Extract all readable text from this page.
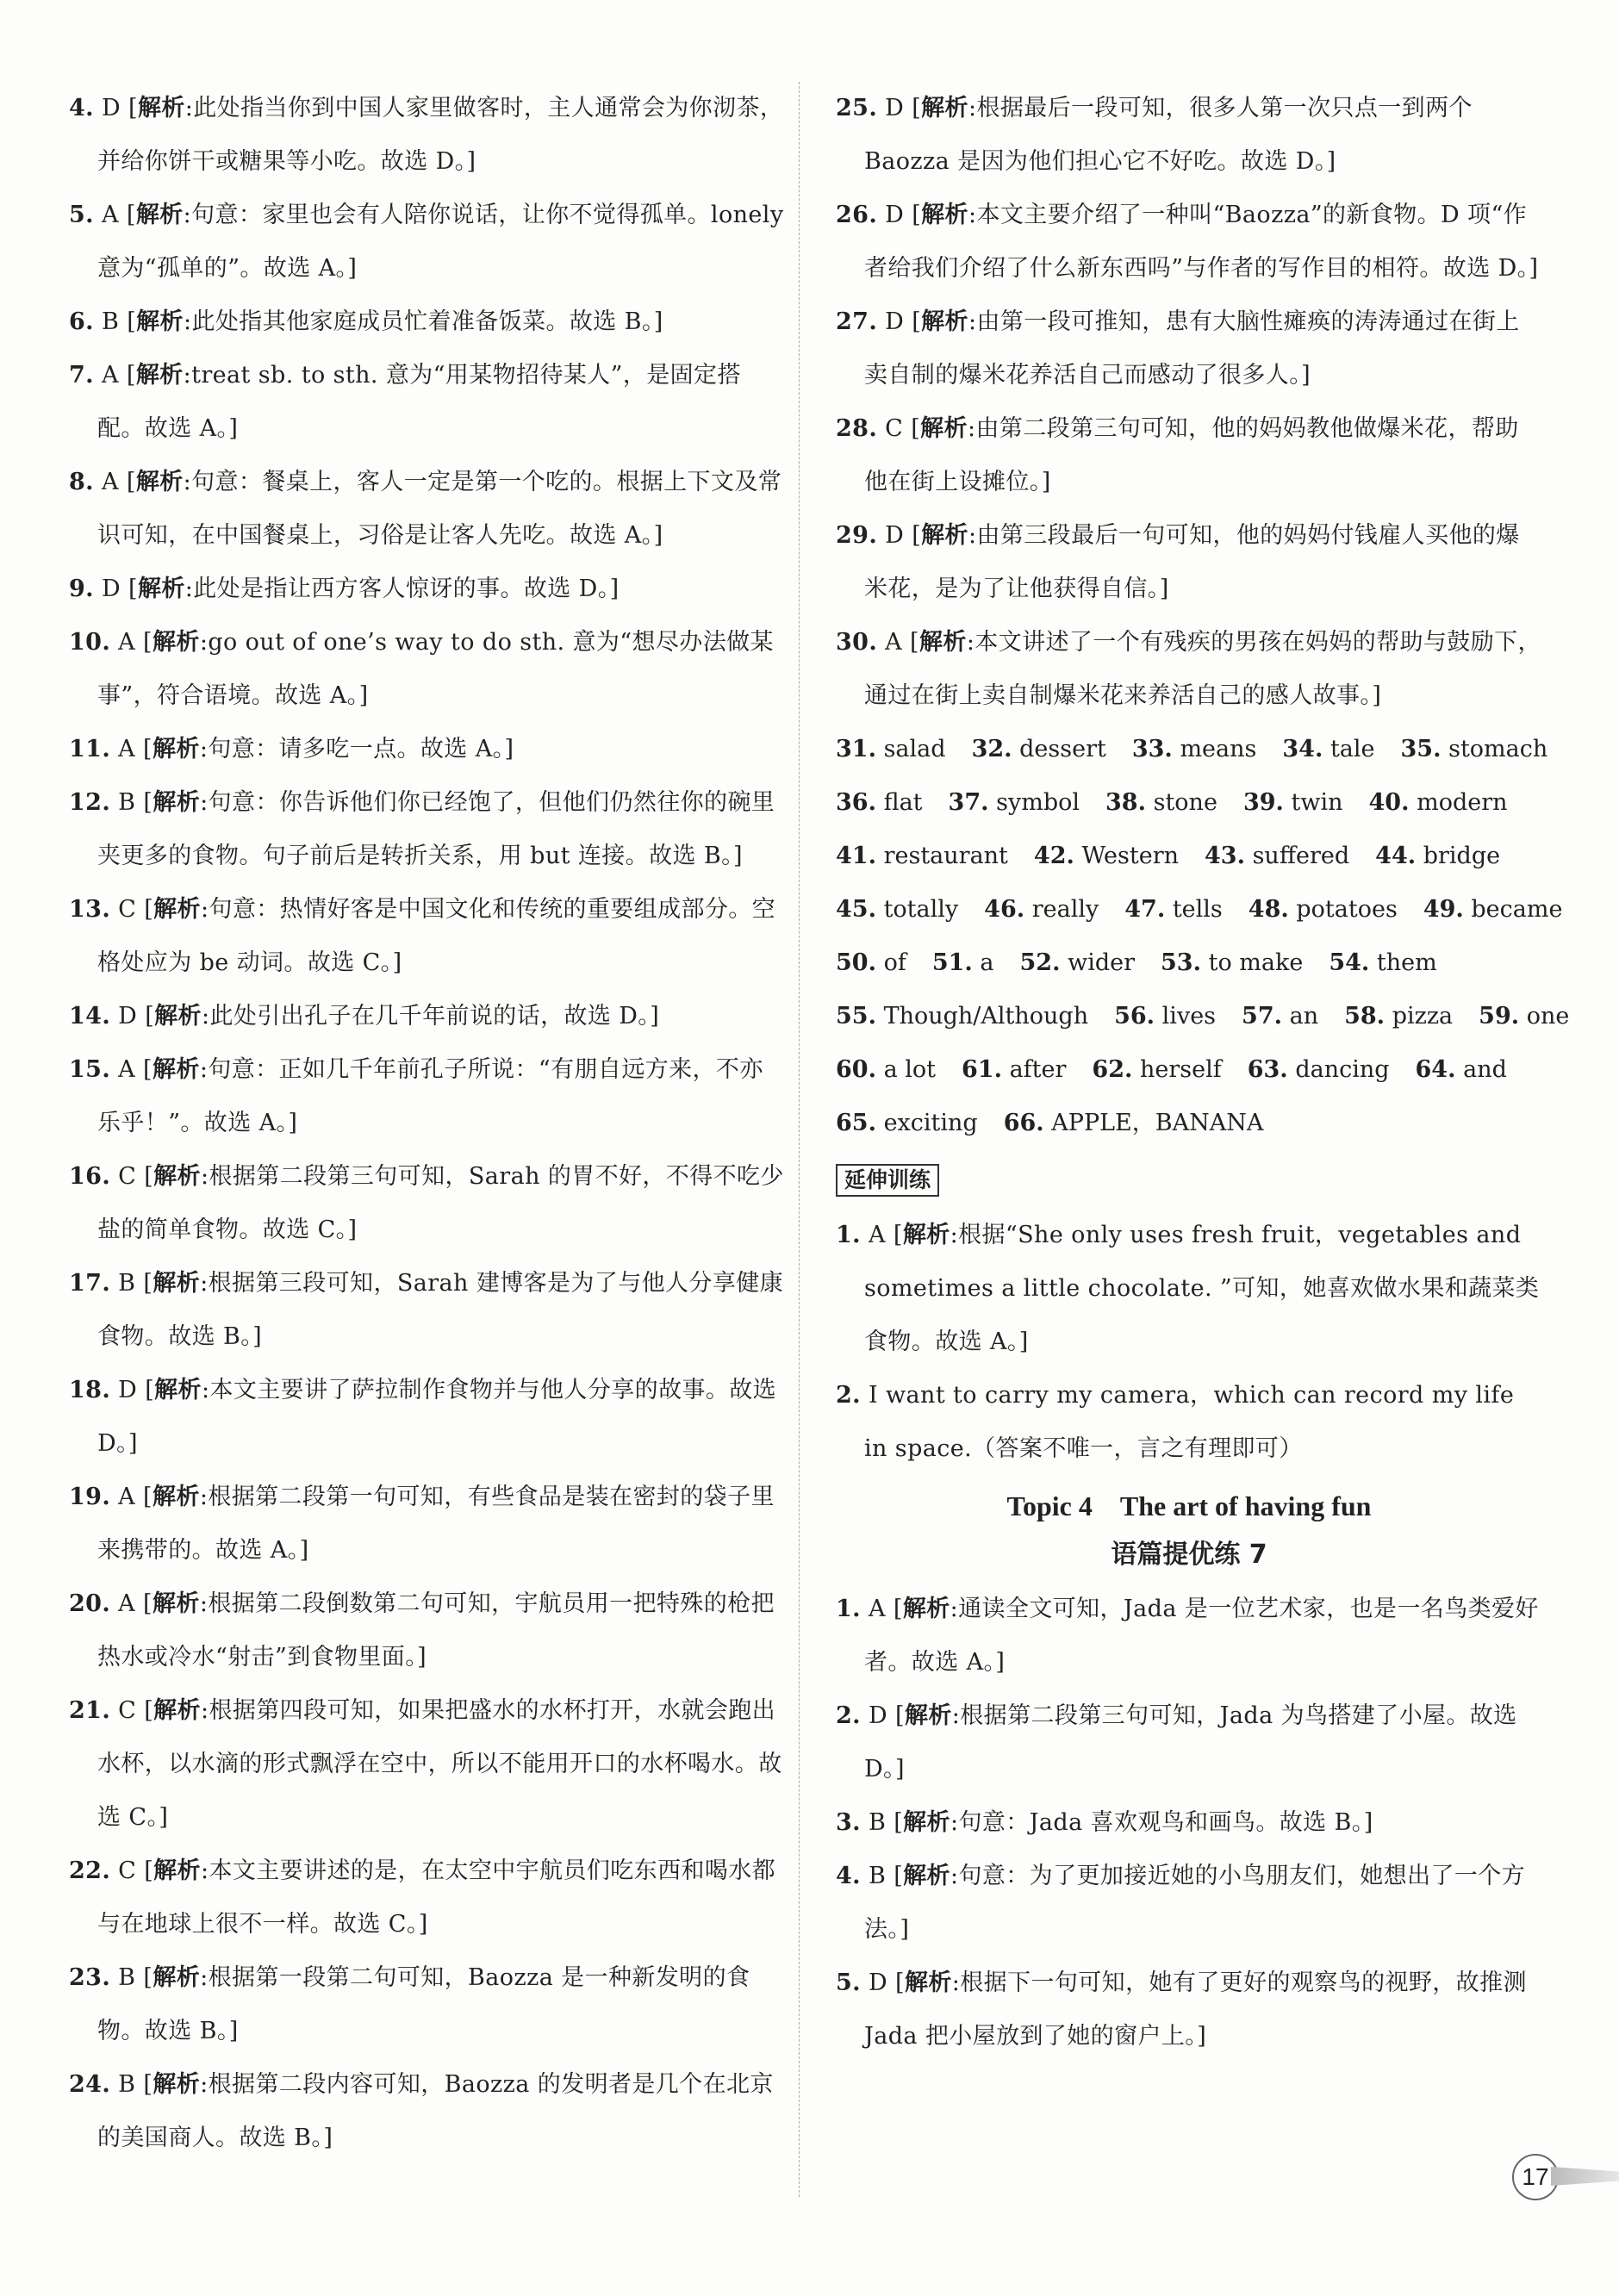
4. D [解析:此处指当你到中国人家里做客时，主人通常会为你沏茶，并给你饼干或糖果等小吃。故选 D。]
5. A [解析:句意：家里也会有人陪你说话，让你不觉得孤单。lonely 意为“孤单的”。故选 A。]
6. B [解析:此处指其他家庭成员忙着准备饭菜。故选 B。]
7. A [解析:treat sb. to sth. 意为“用某物招待某人”，是固定搭配。故选 A。]
8. A [解析:句意：餐桌上，客人一定是第一个吃的。根据上下文及常识可知，在中国餐桌上，习俗是让客人先吃。故选 A。]
9. D [解析:此处是指让西方客人惊讶的事。故选 D。]
10. A [解析:go out of one’s way to do sth. 意为“想尽办法做某事”，符合语境。故选 A。]
11. A [解析:句意：请多吃一点。故选 A。]
12. B [解析:句意：你告诉他们你已经饱了，但他们仍然往你的碗里夹更多的食物。句子前后是转折关系，用 but 连接。故选 B。]
13. C [解析:句意：热情好客是中国文化和传统的重要组成部分。空格处应为 be 动词。故选 C。]
14. D [解析:此处引出孔子在几千年前说的话，故选 D。]
15. A [解析:句意：正如几千年前孔子所说：“有朋自远方来，不亦乐乎！”。故选 A。]
16. C [解析:根据第二段第三句可知，Sarah 的胃不好，不得不吃少盐的简单食物。故选 C。]
17. B [解析:根据第三段可知，Sarah 建博客是为了与他人分享健康食物。故选 B。]
18. D [解析:本文主要讲了萨拉制作食物并与他人分享的故事。故选 D。]
19. A [解析:根据第二段第一句可知，有些食品是装在密封的袋子里来携带的。故选 A。]
20. A [解析:根据第二段倒数第二句可知，宇航员用一把特殊的枪把热水或冷水“射击”到食物里面。]
21. C [解析:根据第四段可知，如果把盛水的水杯打开，水就会跑出水杯，以水滴的形式飘浮在空中，所以不能用开口的水杯喝水。故选 C。]
22. C [解析:本文主要讲述的是，在太空中宇航员们吃东西和喝水都与在地球上很不一样。故选 C。]
23. B [解析:根据第一段第二句可知，Baozza 是一种新发明的食物。故选 B。]
24. B [解析:根据第二段内容可知，Baozza 的发明者是几个在北京的美国商人。故选 B。]
25. D [解析:根据最后一段可知，很多人第一次只点一到两个 Baozza 是因为他们担心它不好吃。故选 D。]
26. D [解析:本文主要介绍了一种叫“Baozza”的新食物。D 项“作者给我们介绍了什么新东西吗”与作者的写作目的相符。故选 D。]
27. D [解析:由第一段可推知，患有大脑性瘫痪的涛涛通过在街上卖自制的爆米花养活自己而感动了很多人。]
28. C [解析:由第二段第三句可知，他的妈妈教他做爆米花，帮助他在街上设摊位。]
29. D [解析:由第三段最后一句可知，他的妈妈付钱雇人买他的爆米花，是为了让他获得自信。]
30. A [解析:本文讲述了一个有残疾的男孩在妈妈的帮助与鼓励下，通过在街上卖自制爆米花来养活自己的感人故事。]
31. salad 32. dessert 33. means 34. tale 35. stomach
36. flat 37. symbol 38. stone 39. twin 40. modern
41. restaurant 42. Western 43. suffered 44. bridge
45. totally 46. really 47. tells 48. potatoes 49. became
50. of 51. a 52. wider 53. to make 54. them
55. Though/Although 56. lives 57. an 58. pizza 59. one
60. a lot 61. after 62. herself 63. dancing 64. and
65. exciting 66. APPLE，BANANA
延伸训练
1. A [解析:根据“She only uses fresh fruit，vegetables and sometimes a little chocolate. ”可知，她喜欢做水果和蔬菜类食物。故选 A。]
2. I want to carry my camera，which can record my life in space.（答案不唯一，言之有理即可）
Topic 4　The art of having fun
语篇提优练 7
1. A [解析:通读全文可知，Jada 是一位艺术家，也是一名鸟类爱好者。故选 A。]
2. D [解析:根据第二段第三句可知，Jada 为鸟搭建了小屋。故选 D。]
3. B [解析:句意：Jada 喜欢观鸟和画鸟。故选 B。]
4. B [解析:句意：为了更加接近她的小鸟朋友们，她想出了一个方法。]
5. D [解析:根据下一句可知，她有了更好的观察鸟的视野，故推测 Jada 把小屋放到了她的窗户上。]
17
